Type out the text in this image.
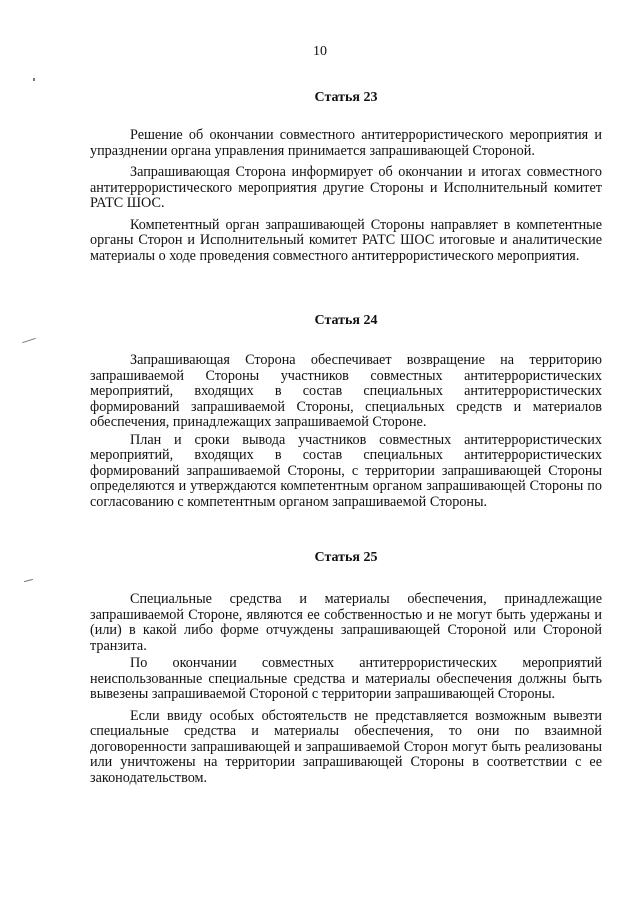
10
Статья 23

Решение об окончании совместного антитеррористического мероприятия и упразднении органа управления принимается запрашивающей Стороной.

Запрашивающая Сторона информирует об окончании и итогах совместного антитеррористического мероприятия другие Стороны и Исполнительный комитет РАТС ШОС.

Компетентный орган запрашивающей Стороны направляет в компетентные органы Сторон и Исполнительный комитет РАТС ШОС итоговые и аналитические материалы о ходе проведения совместного антитеррористического мероприятия.

Статья 24

Запрашивающая Сторона обеспечивает возвращение на территорию запрашиваемой Стороны участников совместных антитеррористических мероприятий, входящих в состав специальных антитеррористических формирований запрашиваемой Стороны, специальных средств и материалов обеспечения, принадлежащих запрашиваемой Стороне.

План и сроки вывода участников совместных антитеррористических мероприятий, входящих в состав специальных антитеррористических формирований запрашиваемой Стороны, с территории запрашивающей Стороны определяются и утверждаются компетентным органом запрашивающей Стороны по согласованию с компетентным органом запрашиваемой Стороны.

Статья 25

Специальные средства и материалы обеспечения, принадлежащие запрашиваемой Стороне, являются ее собственностью и не могут быть удержаны и (или) в какой либо форме отчуждены запрашивающей Стороной или Стороной транзита.

По окончании совместных антитеррористических мероприятий неиспользованные специальные средства и материалы обеспечения должны быть вывезены запрашиваемой Стороной с территории запрашивающей Стороны.

Если ввиду особых обстоятельств не представляется возможным вывезти специальные средства и материалы обеспечения, то они по взаимной договоренности запрашивающей и запрашиваемой Сторон могут быть реализованы или уничтожены на территории запрашивающей Стороны в соответствии с ее законодательством.
